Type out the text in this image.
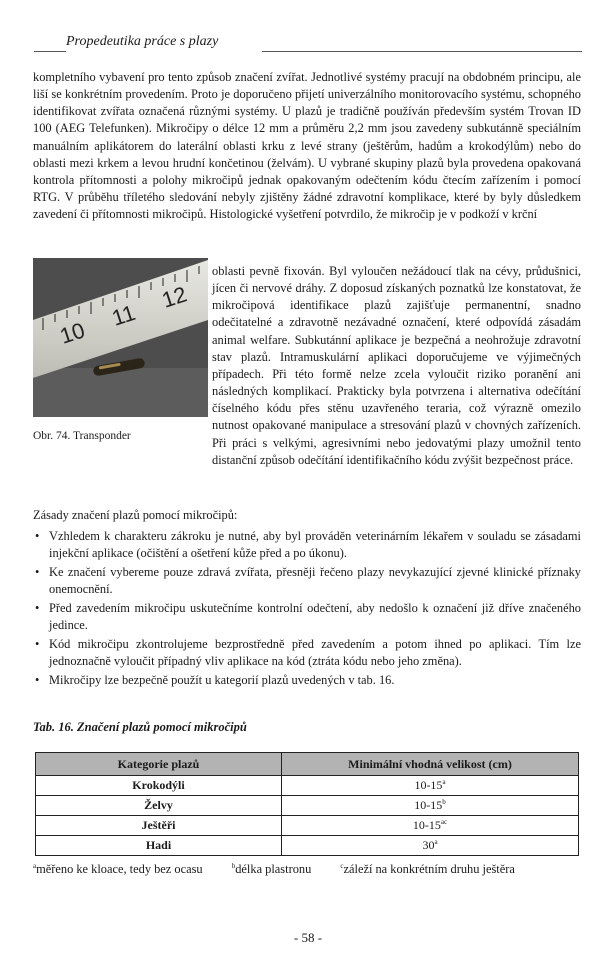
Propedeutika práce s plazy

kompletního vybavení pro tento způsob značení zvířat. Jednotlivé systémy pracují na obdobném principu, ale liší se konkrétním provedením. Proto je doporučeno přijetí univerzálního monitorovacího systému, schopného identifikovat zvířata označená různými systémy. U plazů je tradičně používán především systém Trovan ID 100 (AEG Telefunken). Mikročipy o délce 12 mm a průměru 2,2 mm jsou zavedeny subkutánně speciálním manuálním aplikátorem do laterální oblasti krku z levé strany (ještěrům, hadům a krokodýlům) nebo do oblasti mezi krkem a levou hrudní končetinou (želvám). U vybrané skupiny plazů byla provedena opakovaná kontrola přítomnosti a polohy mikročipů jednak opakovaným odečtením kódu čtecím zařízením i pomocí RTG. V průběhu tříletého sledování nebyly zjištěny žádné zdravotní komplikace, které by byly důsledkem zavedení či přítomnosti mikročipů. Histologické vyšetření potvrdilo, že mikročip je v podkoží v krční

10
11
12
Obr. 74. Transponder

oblasti pevně fixován. Byl vyloučen nežádoucí tlak na cévy, průdušnici, jícen či nervové dráhy. Z doposud získaných poznatků lze konstatovat, že mikročipová identifikace plazů zajišťuje permanentní, snadno odečitatelné a zdravotně nezávadné označení, které odpovídá zásadám animal welfare. Subkutánní aplikace je bezpečná a neohrožuje zdravotní stav plazů. Intramuskulární aplikaci doporučujeme ve výjimečných případech. Při této formě nelze zcela vyloučit riziko poranění ani následných komplikací. Prakticky byla potvrzena i alternativa odečítání číselného kódu přes stěnu uzavřeného teraria, což výrazně omezilo nutnost opakované manipulace a stresování plazů v chovných zařízeních. Při práci s velkými, agresivními nebo jedovatými plazy umožnil tento distanční způsob odečítání identifikačního kódu zvýšit bezpečnost práce.

Zásady značení plazů pomocí mikročipů:
• Vzhledem k charakteru zákroku je nutné, aby byl prováděn veterinárním lékařem v souladu se zásadami injekční aplikace (očištění a ošetření kůže před a po úkonu).
• Ke značení vybereme pouze zdravá zvířata, přesněji řečeno plazy nevykazující zjevné klinické příznaky onemocnění.
• Před zavedením mikročipu uskutečníme kontrolní odečtení, aby nedošlo k označení již dříve značeného jedince.
• Kód mikročipu zkontrolujeme bezprostředně před zavedením a potom ihned po aplikaci. Tím lze jednoznačně vyloučit případný vliv aplikace na kód (ztráta kódu nebo jeho změna).
• Mikročipy lze bezpečně použít u kategorií plazů uvedených v tab. 16.
Tab. 16. Značení plazů pomocí mikročipů
Kategorie plazů	Minimální vhodná velikost (cm)
Krokodýli	10-15$^a$
Želvy	10-15$^b$
Ještěři	$10-15^{ac}$
Hadi	30$^a$
$^a$měřeno ke kloace, tedy bez ocasu	$^b$délka plastronu	$^c$záleží na konkrétním druhu ještěra
- 58 -
